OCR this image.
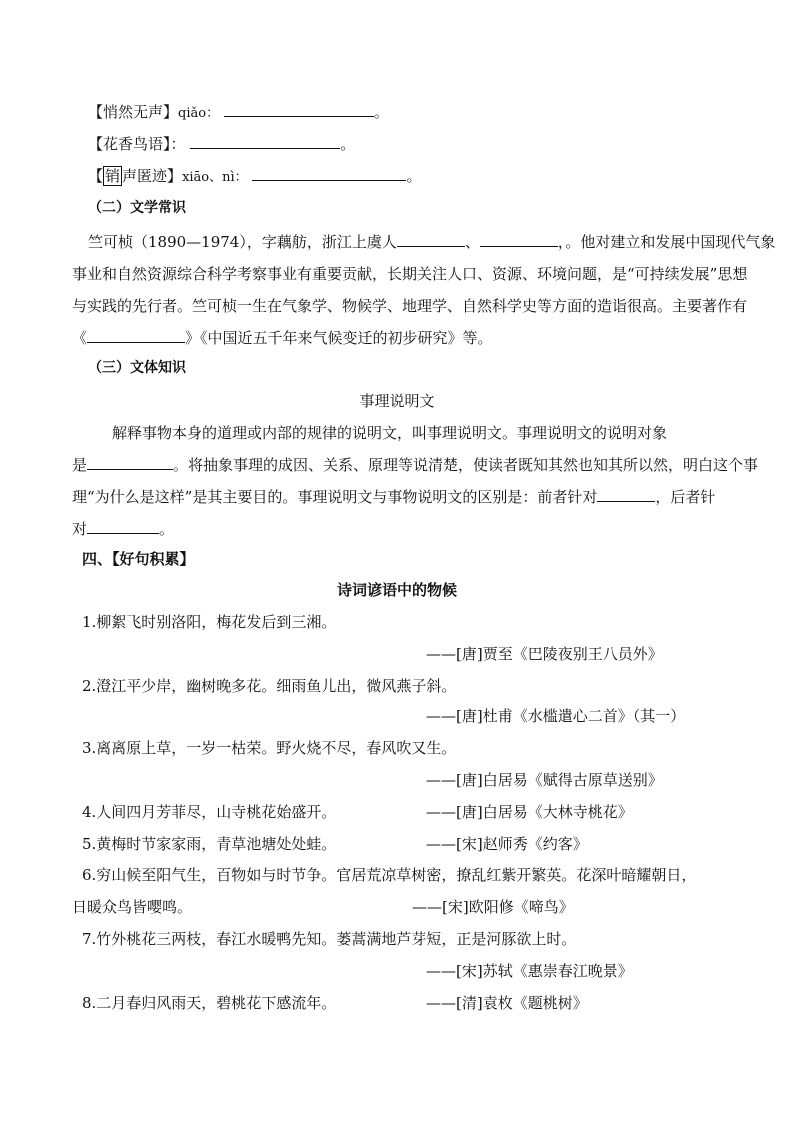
【悄然无声】qiǎo：	。
【花香鸟语】：	。
【 销 声匿迹】xiāo、nì：	。
（二）文学常识
竺可桢（1890—1974），字藕舫，浙江上虞人	、	，。他对建立和发展中国现代气象
事业和自然资源综合科学考察事业有重要贡献，长期关注人口、资源、环境问题，是“可持续发展”思想
与实践的先行者。竺可桢一生在气象学、物候学、地理学、自然科学史等方面的造诣很高。主要著作有
《	》《中国近五千年来气候变迁的初步研究》等。
（三）文体知识
事理说明文
解释事物本身的道理或内部的规律的说明文，叫事理说明文。事理说明文的说明对象
是	。将抽象事理的成因、关系、原理等说清楚，使读者既知其然也知其所以然，明白这个事
理“为什么是这样”是其主要目的。事理说明文与事物说明文的区别是：前者针对	，后者针
对	。
四、【好句积累】
诗词谚语中的物候
1.柳絮飞时别洛阳，梅花发后到三湘。
——[唐]贾至《巴陵夜别王八员外》
2.澄江平少岸，幽树晚多花。细雨鱼儿出，微风燕子斜。
——[唐]杜甫《水槛遣心二首》（其一）
3.离离原上草，一岁一枯荣。野火烧不尽，春风吹又生。
——[唐]白居易《赋得古原草送别》
4.人间四月芳菲尽，山寺桃花始盛开。	——[唐]白居易《大林寺桃花》
5.黄梅时节家家雨，青草池塘处处蛙。	——[宋]赵师秀《约客》
6.穷山候至阳气生，百物如与时节争。官居荒凉草树密，撩乱红紫开繁英。花深叶暗耀朝日，
日暖众鸟皆嘤鸣。	——[宋]欧阳修《啼鸟》
7.竹外桃花三两枝，春江水暖鸭先知。蒌蒿满地芦芽短，正是河豚欲上时。
——[宋]苏轼《惠崇春江晚景》
8.二月春归风雨天，碧桃花下感流年。	——[清]袁枚《题桃树》
